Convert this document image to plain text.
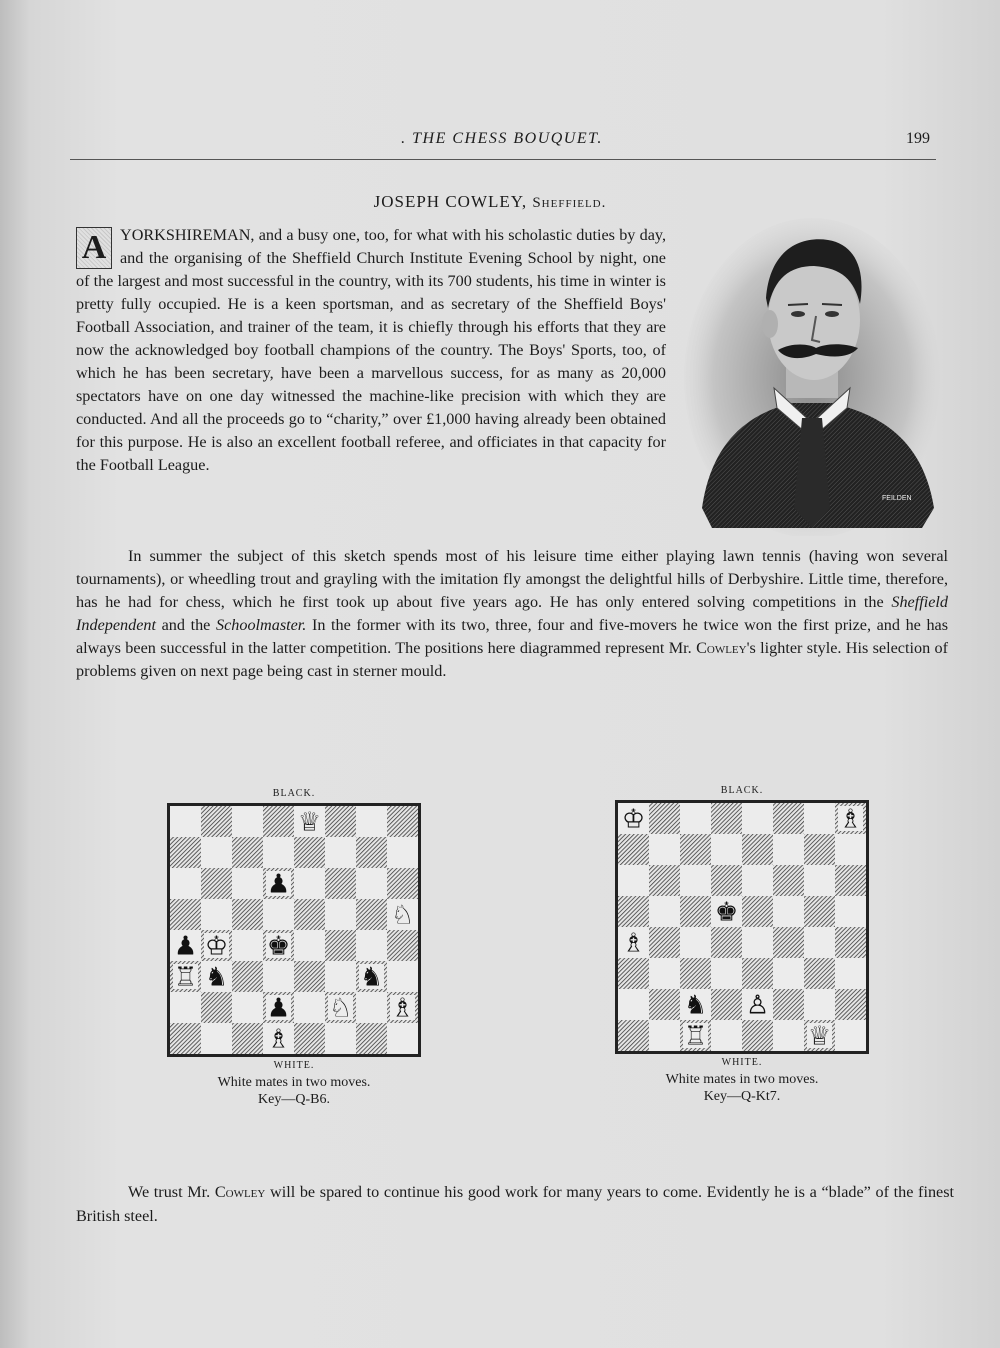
. THE CHESS BOUQUET.	199
JOSEPH COWLEY, Sheffield.
FEILDEN

A YORKSHIREMAN, and a busy one, too, for what with his scholastic duties by day, and the organising of the Sheffield Church Institute Evening School by night, one of the largest and most successful in the country, with its 700 students, his time in winter is pretty fully occupied. He is a keen sportsman, and as secretary of the Sheffield Boys' Football Association, and trainer of the team, it is chiefly through his efforts that they are now the acknowledged boy football champions of the country. The Boys' Sports, too, of which he has been secretary, have been a marvellous success, for as many as 20,000 spectators have on one day witnessed the machine-like precision with which they are conducted. And all the proceeds go to “charity,” over £1,000 having already been obtained for this purpose. He is also an excellent football referee, and officiates in that capacity for the Football League.

In summer the subject of this sketch spends most of his leisure time either playing lawn tennis (having won several tournaments), or wheedling trout and grayling with the imitation fly amongst the delightful hills of Derbyshire. Little time, therefore, has he had for chess, which he first took up about five years ago. He has only entered solving competitions in the Sheffield Independent and the Schoolmaster. In the former with its two, three, four and five-movers he twice won the first prize, and he has always been successful in the latter competition. The positions here diagrammed represent Mr. Cowley's lighter style. His selection of problems given on next page being cast in sterner mould.

BLACK.
♕
♟
♘
♟ ♔ ♚
♖ ♞	♞
♟ ♘ ♗
♗
WHITE.
White mates in two moves.
Key—Q-B6.
BLACK.
♔	♗
♚
♗
♞ ♙
♖	♕
WHITE.
White mates in two moves.
Key—Q-Kt7.

We trust Mr. Cowley will be spared to continue his good work for many years to come. Evidently he is a “blade” of the finest British steel.
